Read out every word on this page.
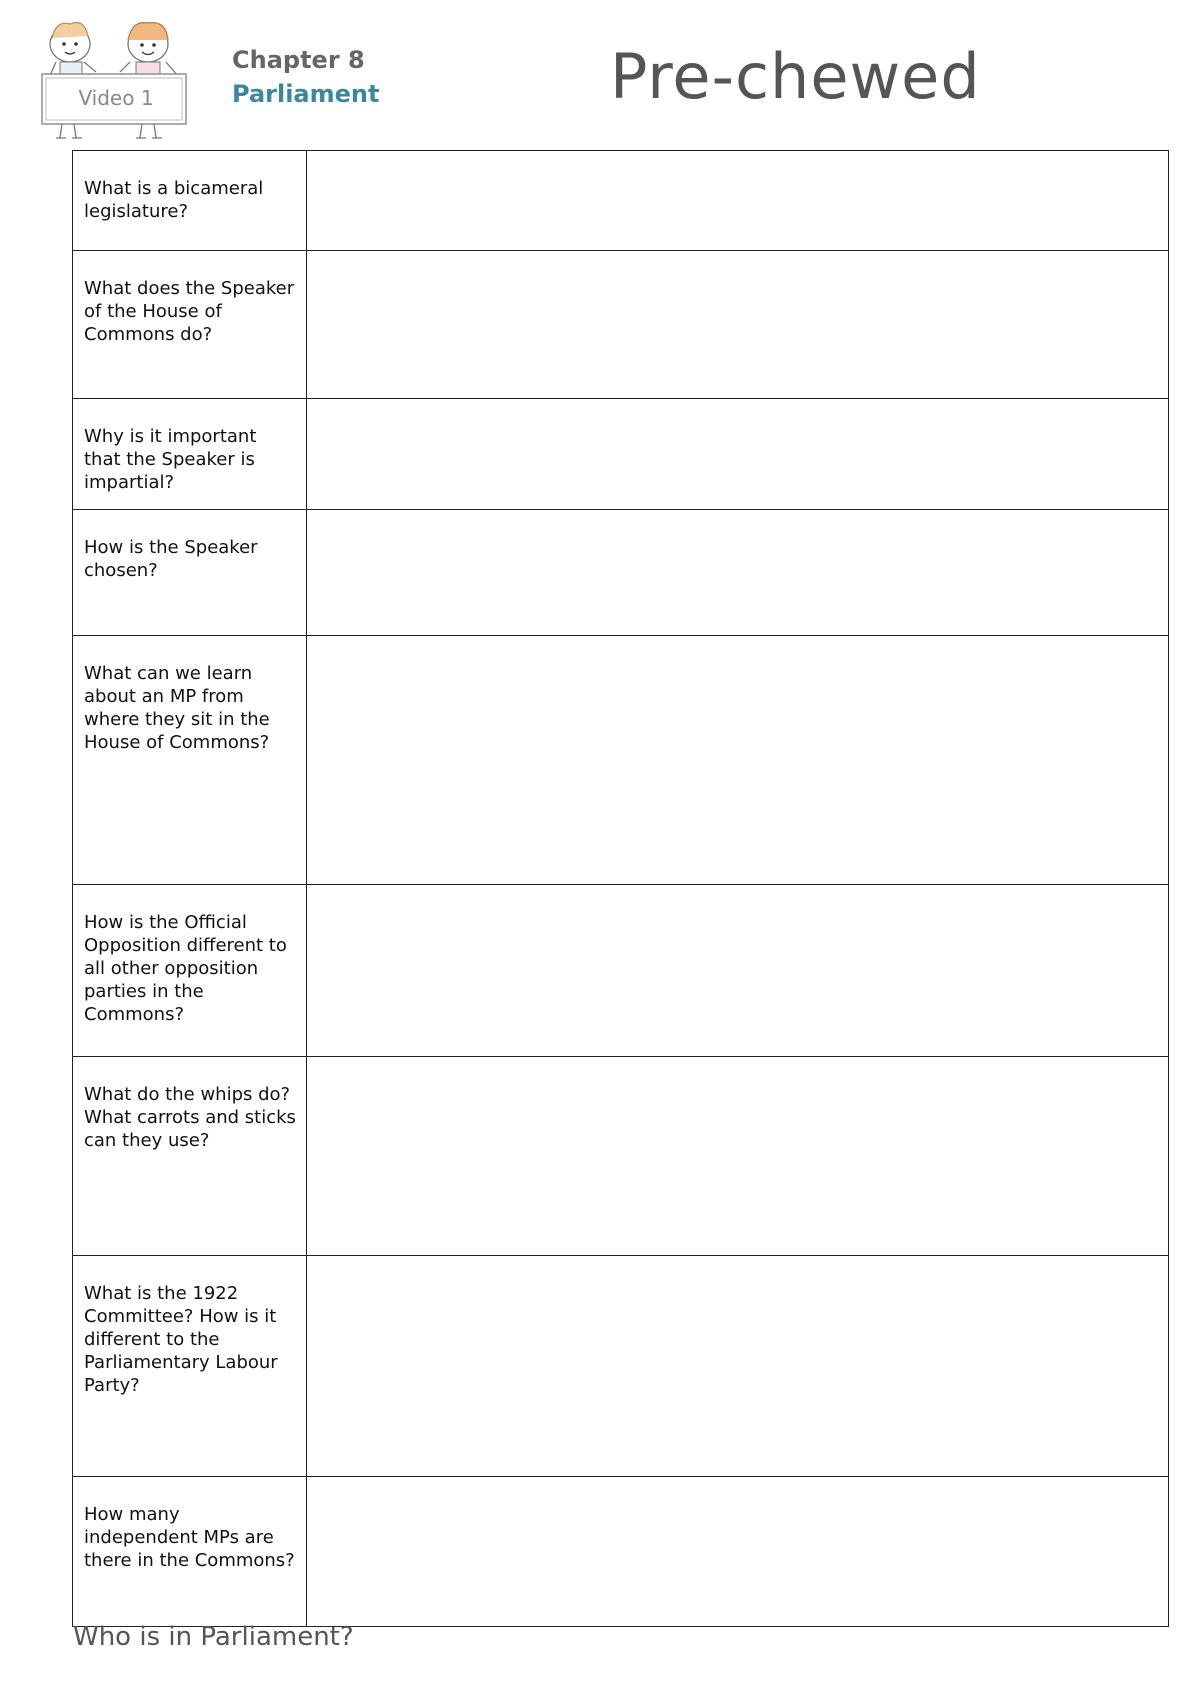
Video 1
Chapter 8
Parliament	Pre-chewed
What is a bicameral legislature?	
What does the Speaker of the House of Commons do?	
Why is it important that the Speaker is impartial?	
How is the Speaker chosen?	
What can we learn about an MP from where they sit in the House of Commons?	
How is the Official Opposition different to all other opposition parties in the Commons?	
What do the whips do? What carrots and sticks can they use?	
What is the 1922 Committee? How is it different to the Parliamentary Labour Party?	
How many independent MPs are there in the Commons?	
Who is in Parliament?
